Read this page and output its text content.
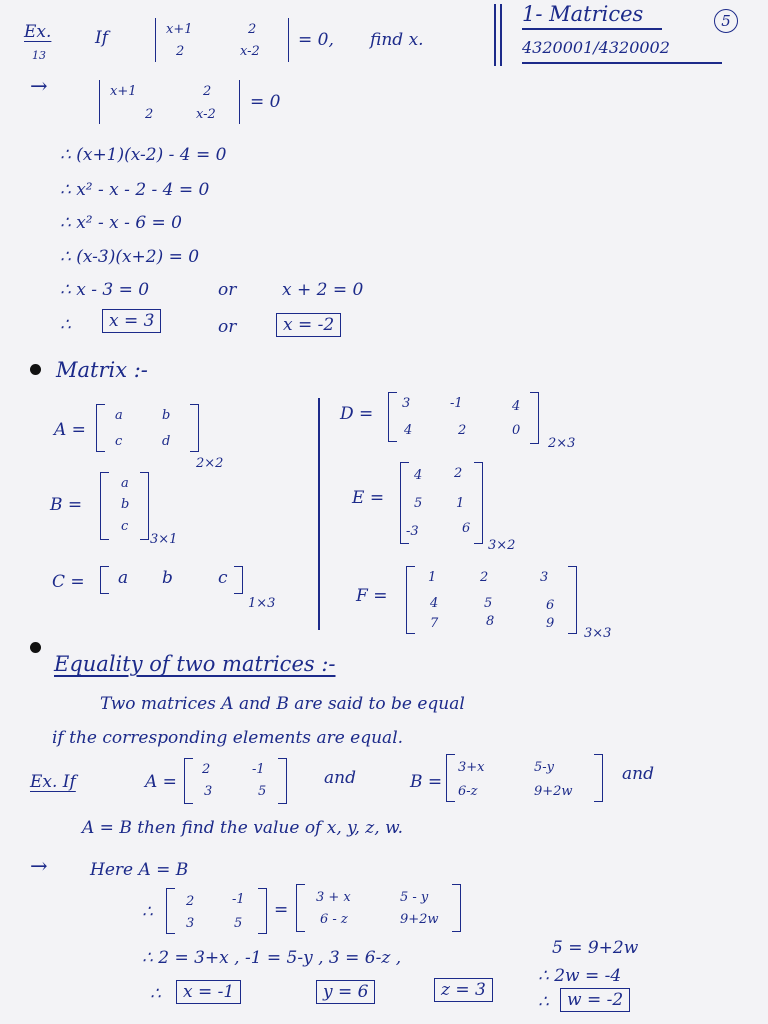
1- Matrices	5
4320001/4320002
Ex.
13
If	x+1	2
2	x-2
= 0, find x.
→	x+1	2
2	x-2
= 0
∴ (x+1)(x-2) - 4 = 0
∴ x² - x - 2 - 4 = 0
∴ x² - x - 6 = 0
∴ (x-3)(x+2) = 0
∴ x - 3 = 0	or	x + 2 = 0
∴	x = 3	or	x = -2
Matrix :-
A =
a	b
c	d
2×2
B =
a
b
c
3×1
C = a b	c
1×3
D =
3	-1	4
4	2	0
2×3
E =
4 2
5	1
-3	6
3×2
F =
1	2	3
4	5	6
7	8	9
3×3
Equality of two matrices :-
Two matrices A and B are said to be equal
if the corresponding elements are equal.
Ex. If	A =
2	-1
3	5
and	B =
3+x	5-y
6-z	9+2w
and
A = B then find the value of x, y, z, w.
→ Here A = B
∴
2	-1
3	5
=
3 + x	5 - y
6 - z	9+2w
∴ 2 = 3+x , -1 = 5-y , 3 = 6-z ,	5 = 9+2w
∴ 2w = -4
∴	x = -1	y = 6	z = 3
∴	w = -2
